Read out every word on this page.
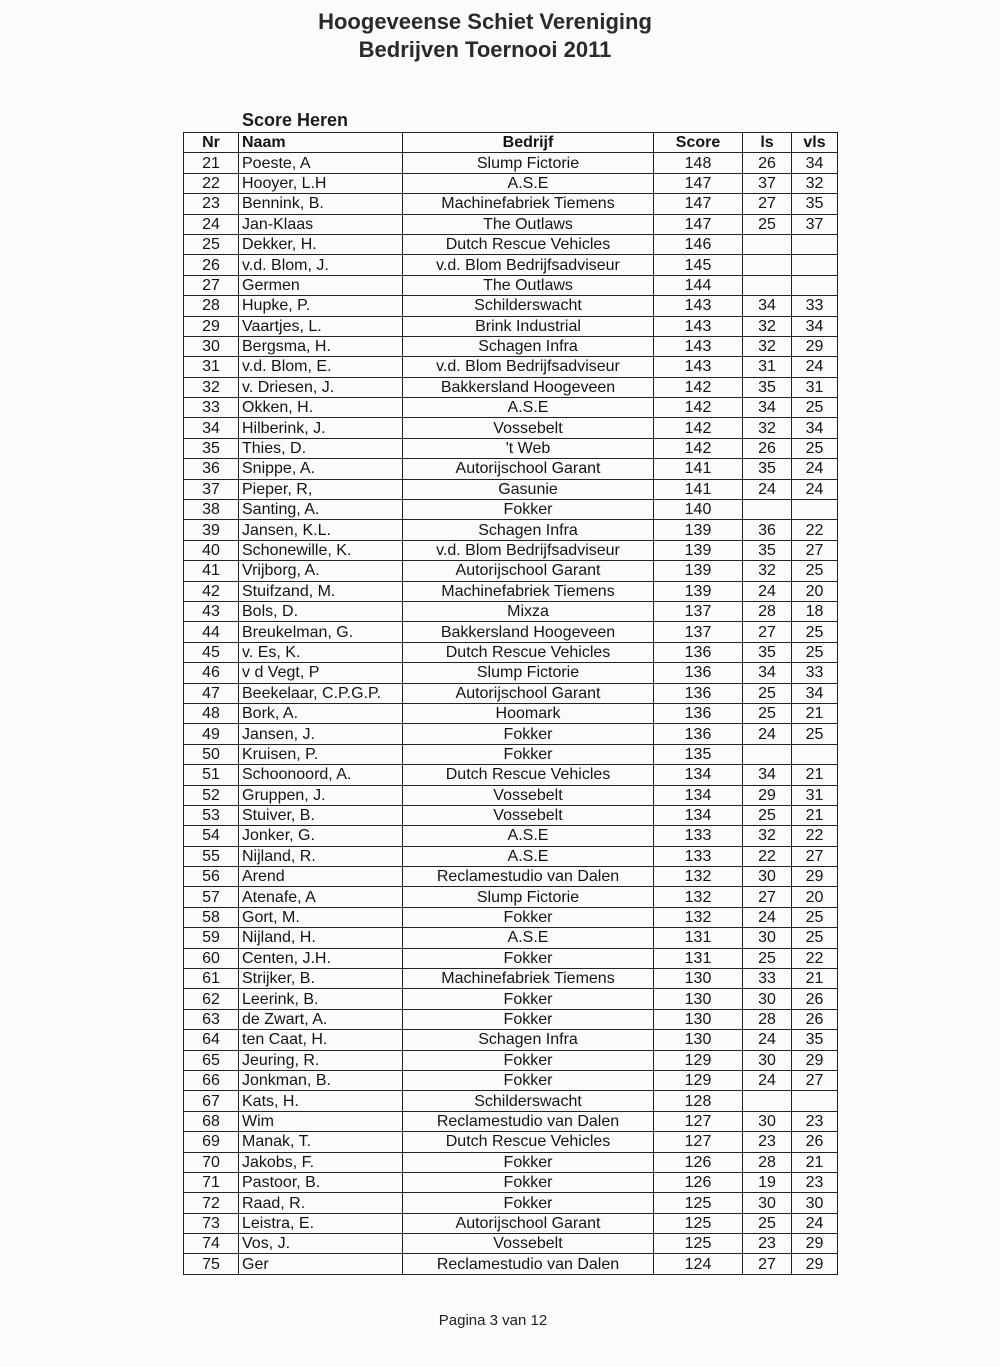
Hoogeveense Schiet Vereniging
Bedrijven Toernooi 2011
Score Heren
Nr	Naam	Bedrijf	Score	ls	vls
21	Poeste, A	Slump Fictorie	148	26	34
22	Hooyer, L.H	A.S.E	147	37	32
23	Bennink, B.	Machinefabriek Tiemens	147	27	35
24	Jan-Klaas	The Outlaws	147	25	37
25	Dekker, H.	Dutch Rescue Vehicles	146		
26	v.d. Blom, J.	v.d. Blom Bedrijfsadviseur	145		
27	Germen	The Outlaws	144		
28	Hupke, P.	Schilderswacht	143	34	33
29	Vaartjes, L.	Brink Industrial	143	32	34
30	Bergsma, H.	Schagen Infra	143	32	29
31	v.d. Blom, E.	v.d. Blom Bedrijfsadviseur	143	31	24
32	v. Driesen, J.	Bakkersland Hoogeveen	142	35	31
33	Okken, H.	A.S.E	142	34	25
34	Hilberink, J.	Vossebelt	142	32	34
35	Thies, D.	't Web	142	26	25
36	Snippe, A.	Autorijschool Garant	141	35	24
37	Pieper, R,	Gasunie	141	24	24
38	Santing, A.	Fokker	140		
39	Jansen, K.L.	Schagen Infra	139	36	22
40	Schonewille, K.	v.d. Blom Bedrijfsadviseur	139	35	27
41	Vrijborg, A.	Autorijschool Garant	139	32	25
42	Stuifzand, M.	Machinefabriek Tiemens	139	24	20
43	Bols, D.	Mixza	137	28	18
44	Breukelman, G.	Bakkersland Hoogeveen	137	27	25
45	v. Es, K.	Dutch Rescue Vehicles	136	35	25
46	v d Vegt, P	Slump Fictorie	136	34	33
47	Beekelaar, C.P.G.P.	Autorijschool Garant	136	25	34
48	Bork, A.	Hoomark	136	25	21
49	Jansen, J.	Fokker	136	24	25
50	Kruisen, P.	Fokker	135		
51	Schoonoord, A.	Dutch Rescue Vehicles	134	34	21
52	Gruppen, J.	Vossebelt	134	29	31
53	Stuiver, B.	Vossebelt	134	25	21
54	Jonker, G.	A.S.E	133	32	22
55	Nijland, R.	A.S.E	133	22	27
56	Arend	Reclamestudio van Dalen	132	30	29
57	Atenafe, A	Slump Fictorie	132	27	20
58	Gort, M.	Fokker	132	24	25
59	Nijland, H.	A.S.E	131	30	25
60	Centen, J.H.	Fokker	131	25	22
61	Strijker, B.	Machinefabriek Tiemens	130	33	21
62	Leerink, B.	Fokker	130	30	26
63	de Zwart, A.	Fokker	130	28	26
64	ten Caat, H.	Schagen Infra	130	24	35
65	Jeuring, R.	Fokker	129	30	29
66	Jonkman, B.	Fokker	129	24	27
67	Kats, H.	Schilderswacht	128		
68	Wim	Reclamestudio van Dalen	127	30	23
69	Manak, T.	Dutch Rescue Vehicles	127	23	26
70	Jakobs, F.	Fokker	126	28	21
71	Pastoor, B.	Fokker	126	19	23
72	Raad, R.	Fokker	125	30	30
73	Leistra, E.	Autorijschool Garant	125	25	24
74	Vos, J.	Vossebelt	125	23	29
75	Ger	Reclamestudio van Dalen	124	27	29
Pagina 3 van 12
